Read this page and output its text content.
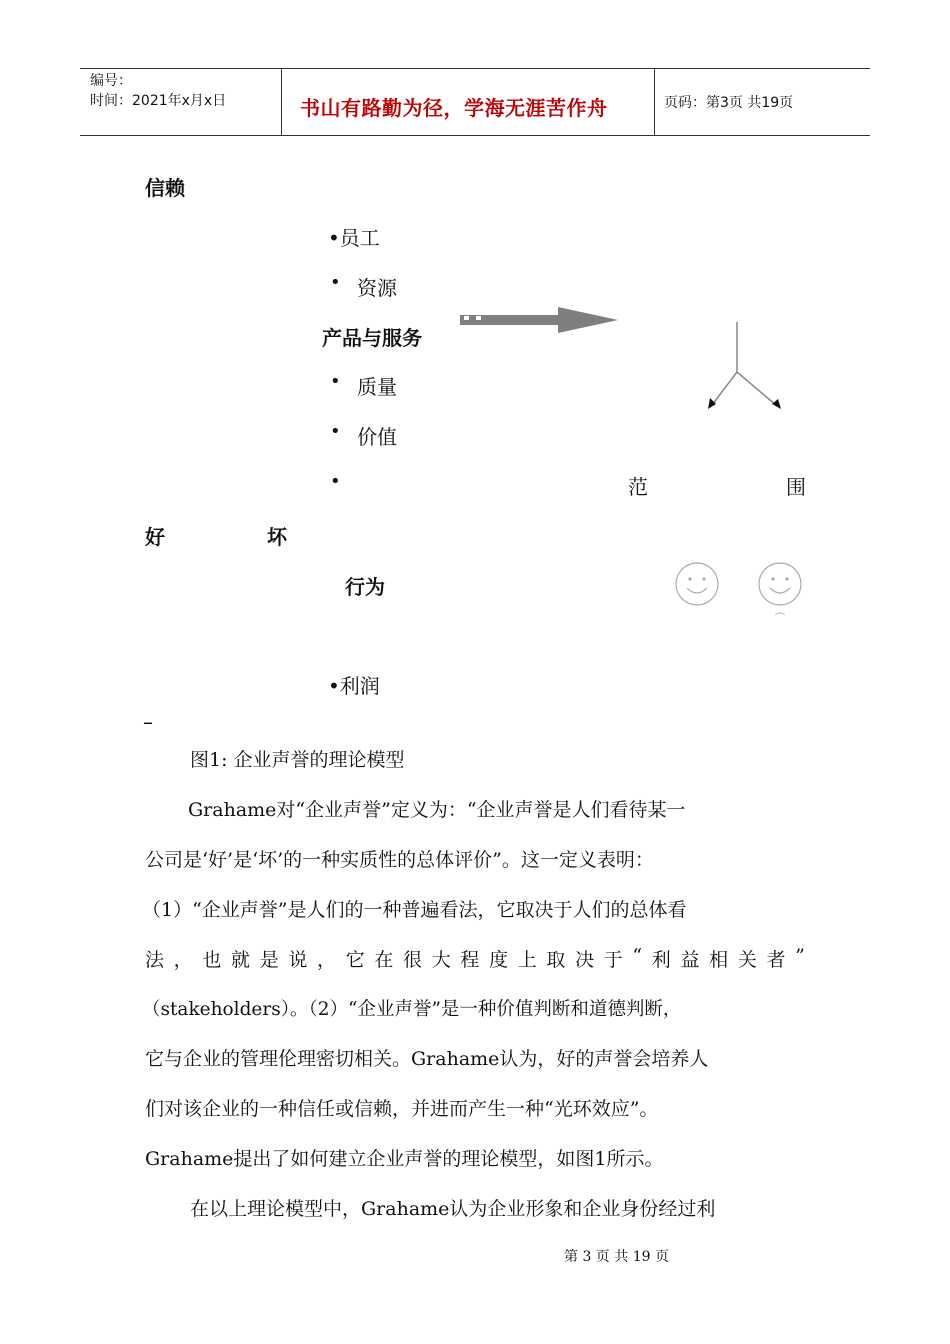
编号：
时间：2021年x月x日	书山有路勤为径，学海无涯苦作舟	页码：第3页 共19页
信赖
•员工
• 资源
产品与服务
• 质量
• 价值
•	范	围
好	坏
行为
•利润
–
图1: 企业声誉的理论模型
Grahame对“企业声誉”定义为：“企业声誉是人们看待某一
公司是‘好’是‘坏’的一种实质性的总体评价”。这一定义表明：
（1）“企业声誉”是人们的一种普遍看法，它取决于人们的总体看
法 ， 也 就 是 说 ， 它 在 很 大 程 度 上 取 决 于 “ 利 益 相 关 者 ”
（stakeholders）。（2）“企业声誉”是一种价值判断和道德判断，
它与企业的管理伦理密切相关。Grahame认为，好的声誉会培养人
们对该企业的一种信任或信赖，并进而产生一种“光环效应”。
Grahame提出了如何建立企业声誉的理论模型，如图1所示。
在以上理论模型中，Grahame认为企业形象和企业身份经过利
第 3 页 共 19 页
